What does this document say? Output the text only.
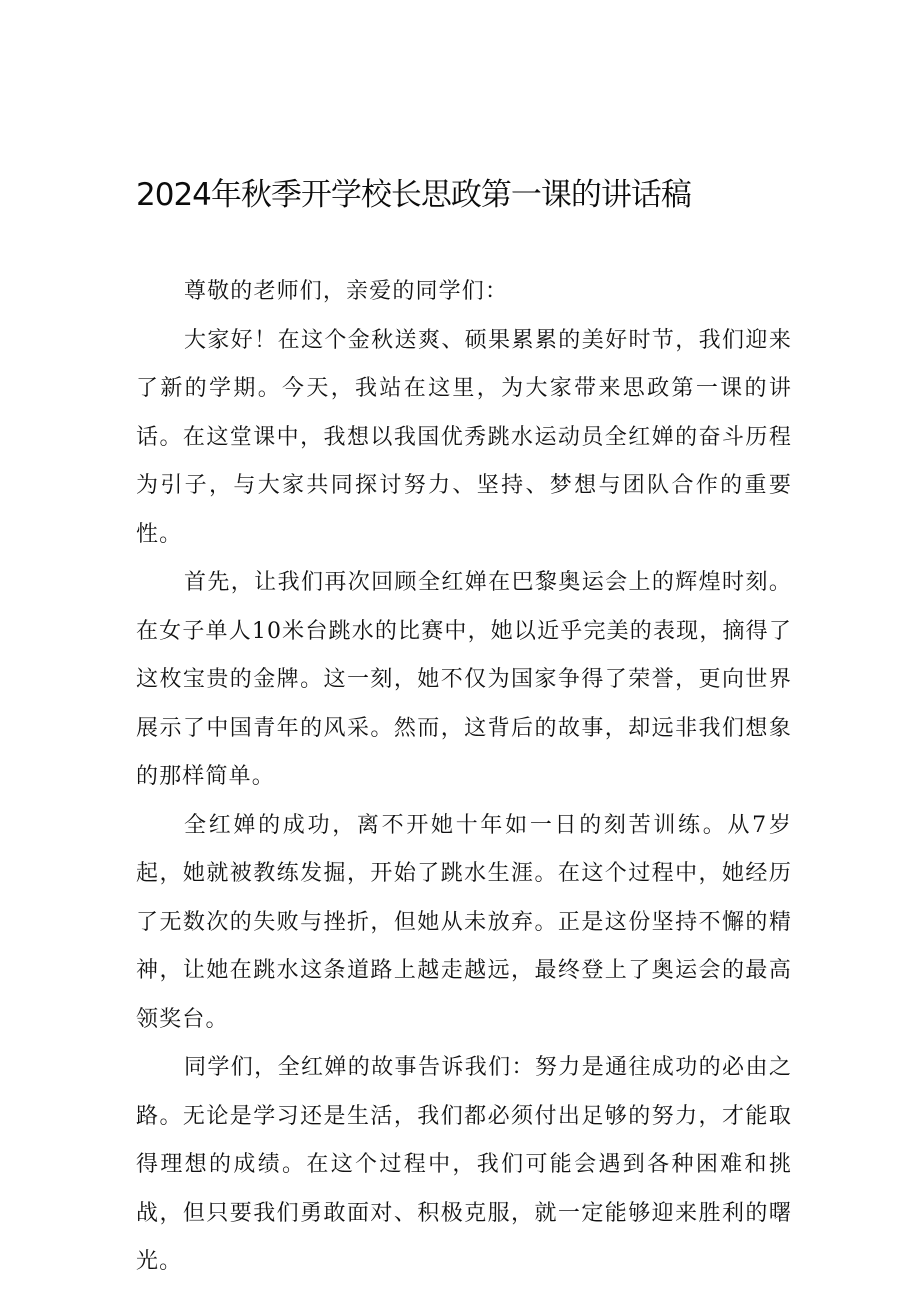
2024年秋季开学校长思政第一课的讲话稿

尊敬的老师们，亲爱的同学们：

大家好！在这个金秋送爽、硕果累累的美好时节，我们迎来了新的学期。今天，我站在这里，为大家带来思政第一课的讲话。在这堂课中，我想以我国优秀跳水运动员全红婵的奋斗历程为引子，与大家共同探讨努力、坚持、梦想与团队合作的重要性。

首先，让我们再次回顾全红婵在巴黎奥运会上的辉煌时刻。在女子单人10米台跳水的比赛中，她以近乎完美的表现，摘得了这枚宝贵的金牌。这一刻，她不仅为国家争得了荣誉，更向世界展示了中国青年的风采。然而，这背后的故事，却远非我们想象的那样简单。

全红婵的成功，离不开她十年如一日的刻苦训练。从7岁起，她就被教练发掘，开始了跳水生涯。在这个过程中，她经历了无数次的失败与挫折，但她从未放弃。正是这份坚持不懈的精神，让她在跳水这条道路上越走越远，最终登上了奥运会的最高领奖台。

同学们，全红婵的故事告诉我们：努力是通往成功的必由之路。无论是学习还是生活，我们都必须付出足够的努力，才能取得理想的成绩。在这个过程中，我们可能会遇到各种困难和挑战，但只要我们勇敢面对、积极克服，就一定能够迎来胜利的曙光。
